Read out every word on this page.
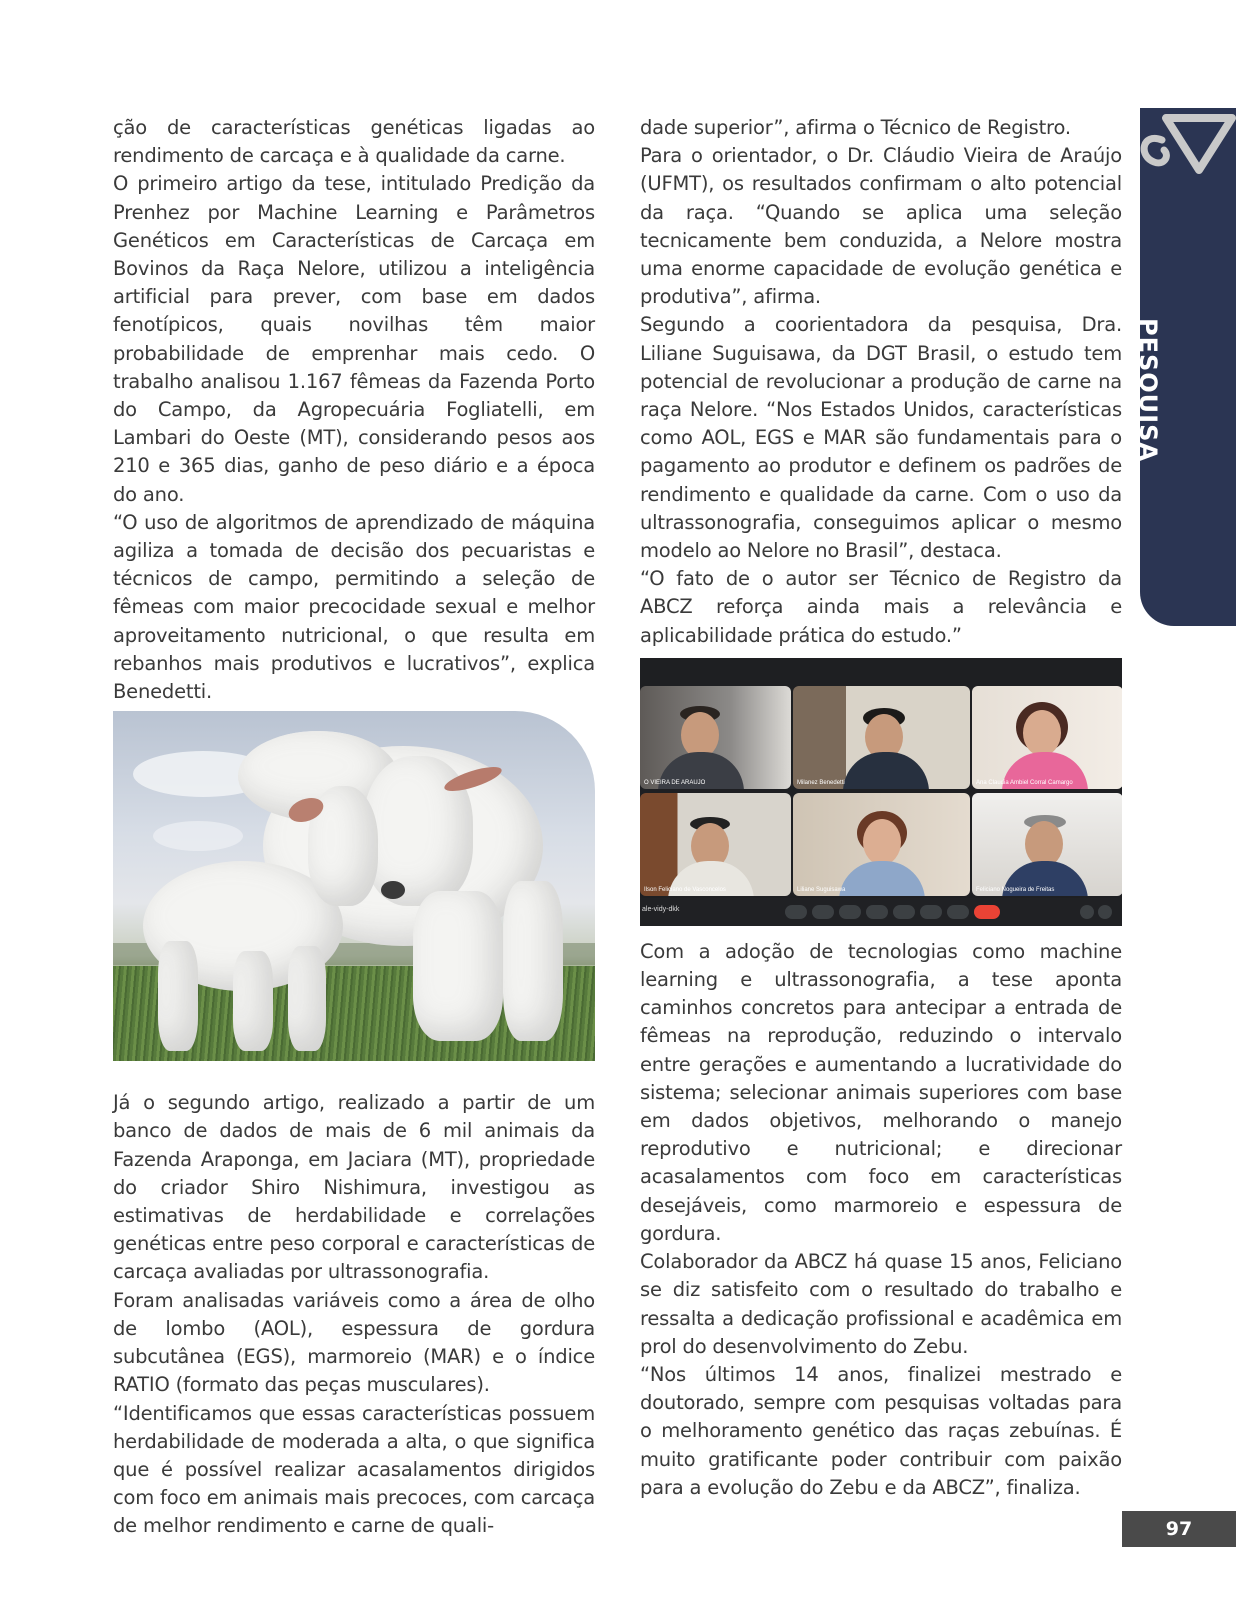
ção de características genéticas ligadas ao rendimento de carcaça e à qualidade da carne.

O primeiro artigo da tese, intitulado Predição da Prenhez por Machine Learning e Parâmetros Genéticos em Características de Carcaça em Bovinos da Raça Nelore, utilizou a inteligência artificial para prever, com base em dados fenotípicos, quais novilhas têm maior probabilidade de emprenhar mais cedo. O trabalho analisou 1.167 fêmeas da Fazenda Porto do Campo, da Agropecuária Fogliatelli, em Lambari do Oeste (MT), considerando pesos aos 210 e 365 dias, ganho de peso diário e a época do ano.

“O uso de algoritmos de aprendizado de máquina agiliza a tomada de decisão dos pecuaristas e técnicos de campo, permitindo a seleção de fêmeas com maior precocidade sexual e melhor aproveitamento nutricional, o que resulta em rebanhos mais produtivos e lucrativos”, explica Benedetti.

Já o segundo artigo, realizado a partir de um banco de dados de mais de 6 mil animais da Fazenda Araponga, em Jaciara (MT), propriedade do criador Shiro Nishimura, investigou as estimativas de herdabilidade e correlações genéticas entre peso corporal e características de carcaça avaliadas por ultrassonografia.

Foram analisadas variáveis como a área de olho de lombo (AOL), espessura de gordura subcutânea (EGS), marmoreio (MAR) e o índice RATIO (formato das peças musculares).

“Identificamos que essas características possuem herdabilidade de moderada a alta, o que significa que é possível realizar acasalamentos dirigidos com foco em animais mais precoces, com carcaça de melhor rendimento e carne de quali-

dade superior”, afirma o Técnico de Registro.

Para o orientador, o Dr. Cláudio Vieira de Araújo (UFMT), os resultados confirmam o alto potencial da raça. “Quando se aplica uma seleção tecnicamente bem conduzida, a Nelore mostra uma enorme capacidade de evolução genética e produtiva”, afirma.

Segundo a coorientadora da pesquisa, Dra. Liliane Suguisawa, da DGT Brasil, o estudo tem potencial de revolucionar a produção de carne na raça Nelore. “Nos Estados Unidos, características como AOL, EGS e MAR são fundamentais para o pagamento ao produtor e definem os padrões de rendimento e qualidade da carne. Com o uso da ultrassonografia, conseguimos aplicar o mesmo modelo ao Nelore no Brasil”, destaca.

“O fato de o autor ser Técnico de Registro da ABCZ reforça ainda mais a relevância e aplicabilidade prática do estudo.”

O VIEIRA DE ARAUJO	Milanez Benedetti	Ana Claudia Ambiel Corral Camargo
Ilson Feliciano de Vasconcelos	Liliane Suguisawa	Feliciano Nogueira de Freitas
ale-vidy-dkk

Com a adoção de tecnologias como machine learning e ultrassonografia, a tese aponta caminhos concretos para antecipar a entrada de fêmeas na reprodução, reduzindo o intervalo entre gerações e aumentando a lucratividade do sistema; selecionar animais superiores com base em dados objetivos, melhorando o manejo reprodutivo e nutricional; e direcionar acasalamentos com foco em características desejáveis, como marmoreio e espessura de gordura.

Colaborador da ABCZ há quase 15 anos, Feliciano se diz satisfeito com o resultado do trabalho e ressalta a dedicação profissional e acadêmica em prol do desenvolvimento do Zebu.

“Nos últimos 14 anos, finalizei mestrado e doutorado, sempre com pesquisas voltadas para o melhoramento genético das raças zebuínas. É muito gratificante poder contribuir com paixão para a evolução do Zebu e da ABCZ”, finaliza.

PESQUISA
97
